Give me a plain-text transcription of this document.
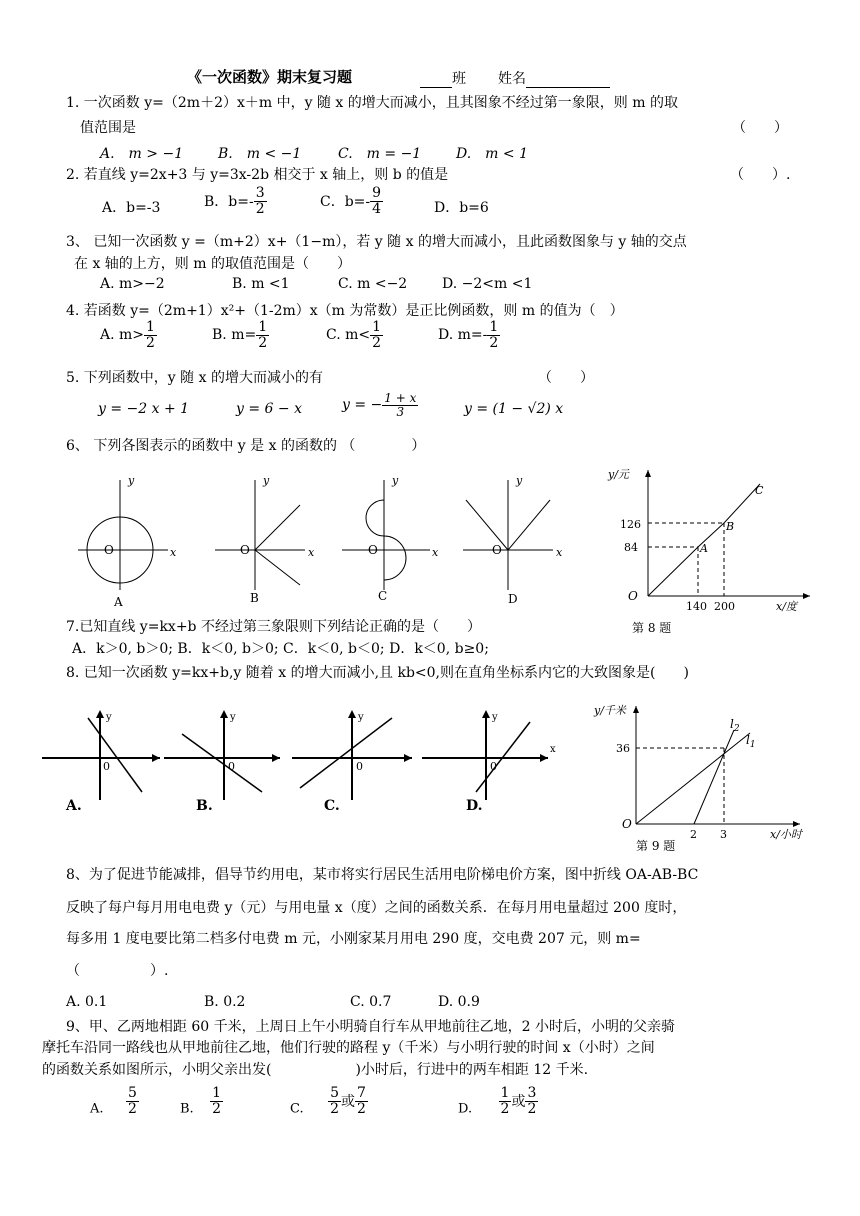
《一次函数》期末复习题	班 姓名
1. 一次函数 y=（2m＋2）x＋m 中，y 随 x 的增大而减小，且其图象不经过第一象限，则 m 的取
值范围是	（　　）
A.　m > −1 B.　m < −1	C.　m = −1 D.　m < 1
2. 若直线 y=2x+3 与 y=3x-2b 相交于 x 轴上，则 b 的值是	（　　）.
A．b=-3	B．$b=- \frac{3}{2}$	C．$b=- \frac{9}{4}$	D．b=6
3、 已知一次函数 y =（m+2）x+（1−m），若 y 随 x 的增大而减小，且此函数图象与 y 轴的交点
在 x 轴的上方，则 m 的取值范围是（　　）
A. m>−2	B. m <1	C. m <−2 D. −2<m <1
4. 若函数 y=（2m+1）x²+（1-2m）x（m 为常数）是正比例函数，则 m 的值为（　）
A. $m> \frac{1}{2}$	B. $m= \frac{1}{2}$	C. $m< \frac{1}{2}$	D. $m=- \frac{1}{2}$
5. 下列函数中，y 随 x 的增大而减小的有	（　　）
y = −2 x + 1	y = 6 − x	y = − $\frac{1 + x}{3}$	y = (1 − √2) x
6、 下列各图表示的函数中 y 是 x 的函数的 （　　　　）
y
x
O
A
y
x
O
B
y
x
O
C
y
x
O
D
y/元
x/度
126
84
140 200
A
B
C
O
第 8 题
7.已知直线 y=kx+b 不经过第三象限则下列结论正确的是（　　）
A．k＞0, b＞0; B．k＜0, b＞0; C．k＜0, b＜0; D．k＜0, b≥0;
8. 已知一次函数 y=kx+b,y 随着 x 的增大而减小,且 kb<0,则在直角坐标系内它的大致图象是(　　)
y
0
A.
y
0
B.
y
0
C.
y
x
0
D.
y/千米
x/小时
36
2 3
$l_2$
$l_1$
O
第 9 题
8、为了促进节能减排，倡导节约用电，某市将实行居民生活用电阶梯电价方案，图中折线 OA-AB-BC
反映了每户每月用电电费 y（元）与用电量 x（度）之间的函数关系．在每月用电量超过 200 度时，
每多用 1 度电要比第二档多付电费 m 元，小刚家某月用电 290 度，交电费 207 元，则 m=
（　　　　　）.
A. 0.1	B. 0.2	C. 0.7	D. 0.9
9、甲、乙两地相距 60 千米，上周日上午小明骑自行车从甲地前往乙地，2 小时后，小明的父亲骑
摩托车沿同一路线也从甲地前往乙地，他们行驶的路程 y（千米）与小明行驶的时间 x（小时）之间
的函数关系如图所示，小明父亲出发(　　　　　　)小时后，行进中的两车相距 12 千米.
A. $\frac{5}{2}$	B. $\frac{1}{2}$	C. $\frac{5}{2}$ 或 $\frac{7}{2}$	D. $\frac{1}{2}$ 或 $\frac{3}{2}$
